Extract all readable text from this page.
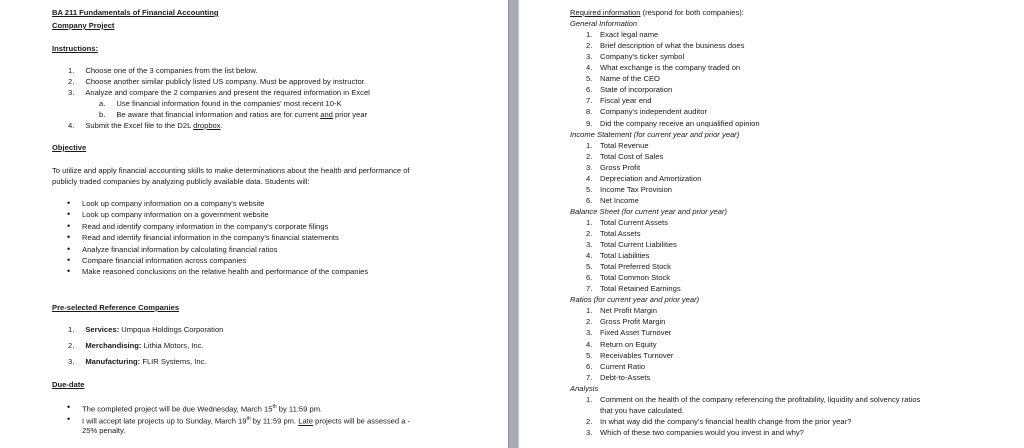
BA 211 Fundamentals of Financial Accounting
Company Project
Instructions:
1. Choose one of the 3 companies from the list below.
2. Choose another similar publicly listed US company. Must be approved by instructor.
3. Analyze and compare the 2 companies and present the required information in Excel
a. Use financial information found in the companies' most recent 10-K
b. Be aware that financial information and ratios are for current and prior year
4. Submit the Excel file to the D2L dropbox.
Objective
To utilize and apply financial accounting skills to make determinations about the health and performance of
publicly traded companies by analyzing publicly available data. Students will:
• Look up company information on a company's website
• Look up company information on a government website
• Read and identify company information in the company's corporate filings
• Read and identify financial information in the company's financial statements
• Analyze financial information by calculating financial ratios
• Compare financial information across companies
• Make reasoned conclusions on the relative health and performance of the companies
Pre-selected Reference Companies
1. Services: Umpqua Holdings Corporation
2. Merchandising: Lithia Motors, Inc.
3. Manufacturing: FLIR Systems, Inc.
Due-date
• The completed project will be due Wednesday, March 15th by 11:59 pm.
• I will accept late projects up to Sunday, March 19th by 11:59 pm. Late projects will be assessed a -
25% penalty.
Required information (respond for both companies):
General Information
1. Exact legal name
2. Brief description of what the business does
3. Company's ticker symbol
4. What exchange is the company traded on
5. Name of the CEO
6. State of incorporation
7. Fiscal year end
8. Company's independent auditor
9. Did the company receive an unqualified opinion
Income Statement (for current year and prior year)
1. Total Revenue
2. Total Cost of Sales
3. Gross Profit
4. Depreciation and Amortization
5. Income Tax Provision
6. Net Income
Balance Sheet (for current year and prior year)
1. Total Current Assets
2. Total Assets
3. Total Current Liabilities
4. Total Liabilities
5. Total Preferred Stock
6. Total Common Stock
7. Total Retained Earnings
Ratios (for current year and prior year)
1. Net Profit Margin
2. Gross Profit Margin
3. Fixed Asset Turnover
4. Return on Equity
5. Receivables Turnover
6. Current Ratio
7. Debt-to-Assets
Analysis
1. Comment on the health of the company referencing the profitability, liquidity and solvency ratios
that you have calculated.
2. In what way did the company's financial health change from the prior year?
3. Which of these two companies would you invest in and why?
